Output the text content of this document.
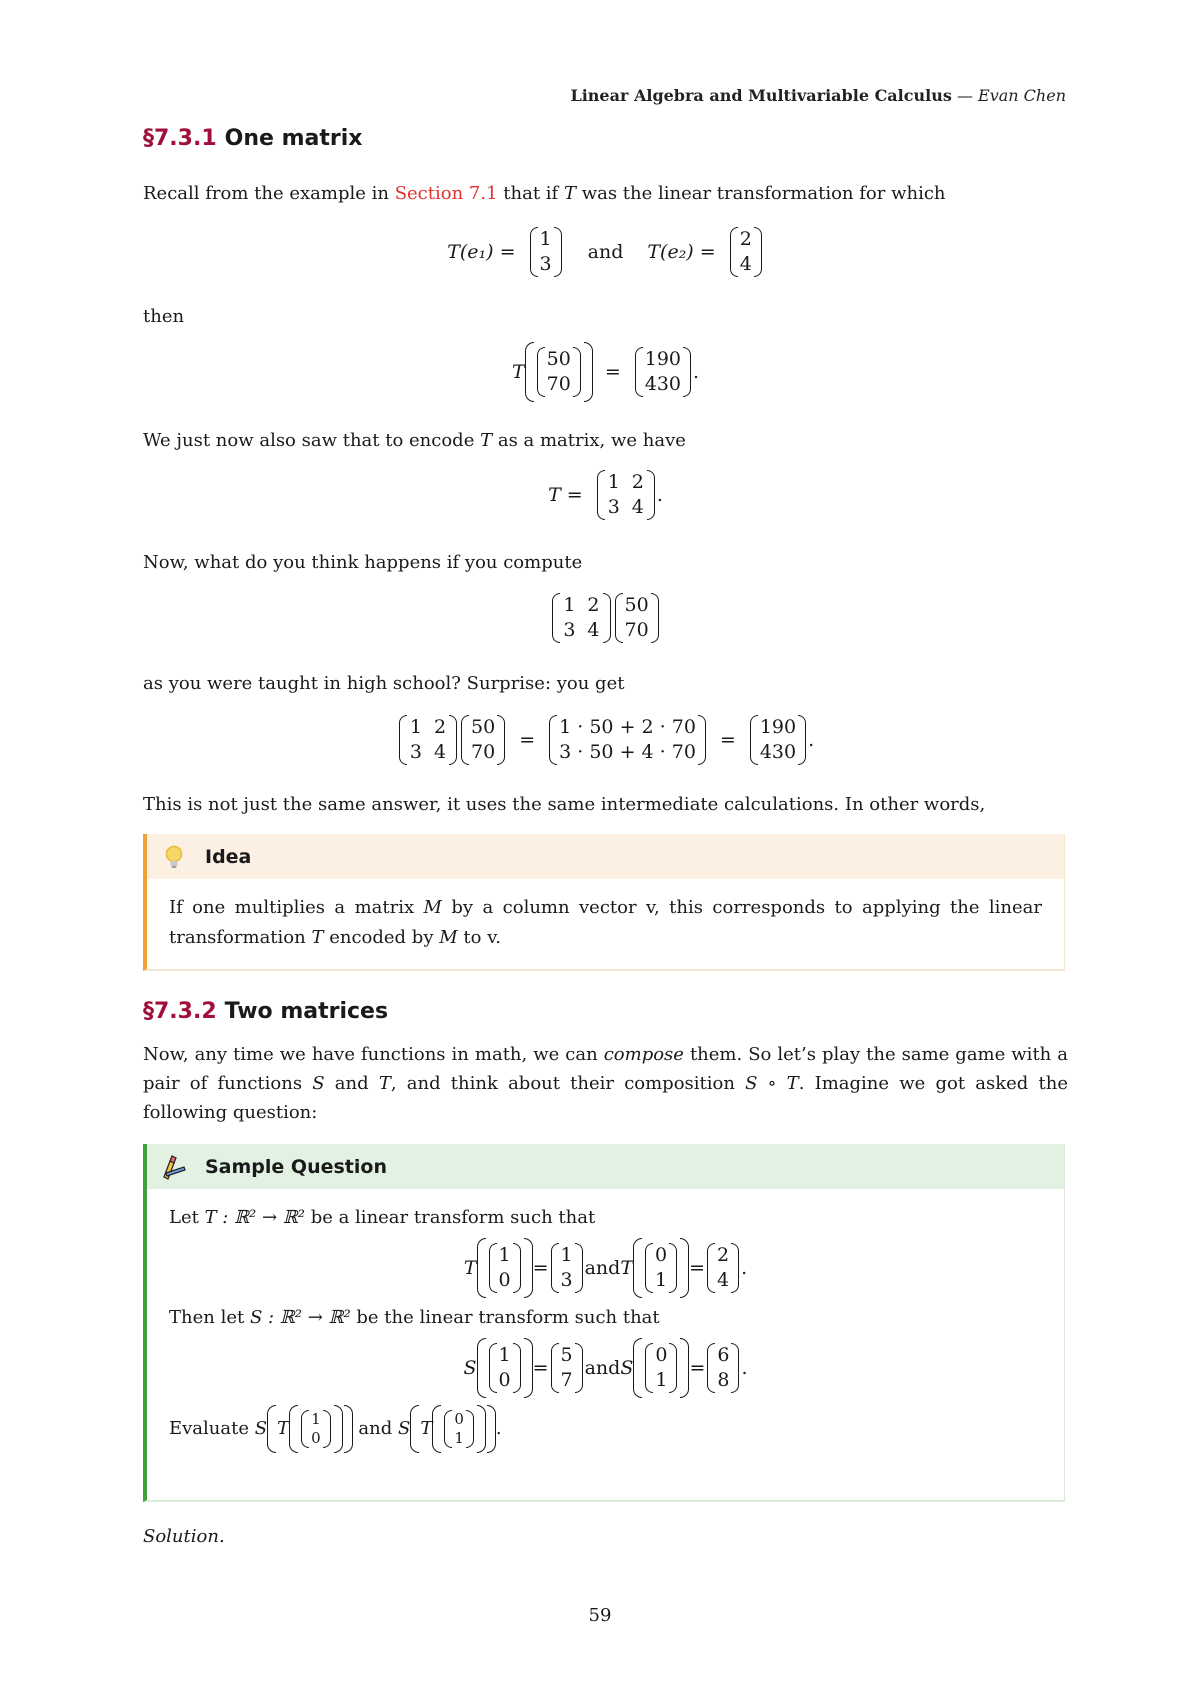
Linear Algebra and Multivariable Calculus — Evan Chen
§7.3.1 One matrix
Recall from the example in Section 7.1 that if T was the linear transformation for which
T(e₁) =
1
3
and T(e₂) =
2
4
then
T
50
70
=
190
430
.
We just now also saw that to encode T as a matrix, we have
T =
1 2
3 4
.
Now, what do you think happens if you compute
1 2
3 4
50
70
as you were taught in high school? Surprise: you get
1 2
3 4
50
70
=
1 · 50 + 2 · 70
3 · 50 + 4 · 70
=
190
430
.
This is not just the same answer, it uses the same intermediate calculations. In other words,
Idea
If one multiplies a matrix M by a column vector v, this corresponds to applying the linear transformation T encoded by M to v.
§7.3.2 Two matrices
Now, any time we have functions in math, we can compose them. So let’s play the same game with a pair of functions S and T, and think about their composition S ∘ T. Imagine we got asked the following question:
Sample Question
Let T : ℝ² → ℝ² be a linear transform such that
T
1
0
=
1
3
and T
0
1
=
2
4
.
Then let S : ℝ² → ℝ² be the linear transform such that
S
1
0
=
5
7
and S
0
1
=
6
8
.
Evaluate
S T 1
0
and
S T 0
1 .
Solution.
59
